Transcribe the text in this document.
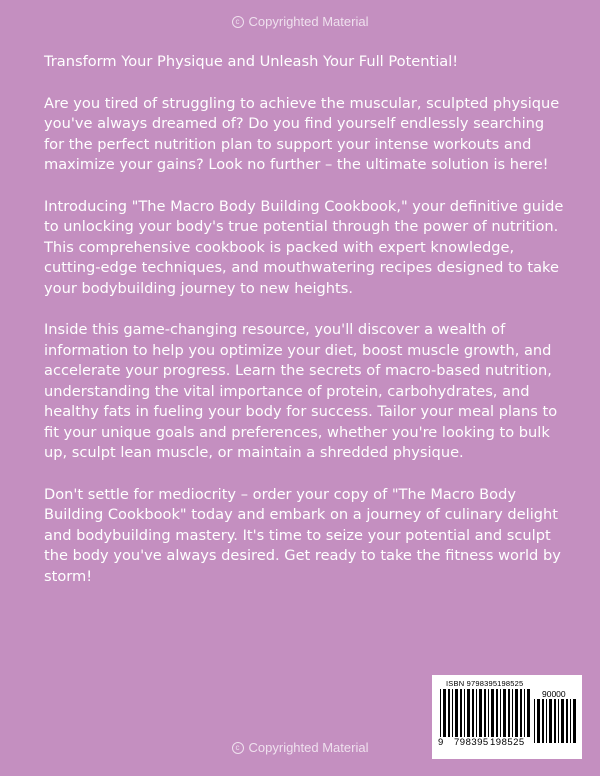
c Copyrighted Material

Transform Your Physique and Unleash Your Full Potential!

Are you tired of struggling to achieve the muscular, sculpted physique you've always dreamed of? Do you find yourself endlessly searching for the perfect nutrition plan to support your intense workouts and maximize your gains? Look no further – the ultimate solution is here!

Introducing "The Macro Body Building Cookbook," your definitive guide to unlocking your body's true potential through the power of nutrition. This comprehensive cookbook is packed with expert knowledge, cutting-edge techniques, and mouthwatering recipes designed to take your bodybuilding journey to new heights.

Inside this game-changing resource, you'll discover a wealth of information to help you optimize your diet, boost muscle growth, and accelerate your progress. Learn the secrets of macro-based nutrition, understanding the vital importance of protein, carbohydrates, and healthy fats in fueling your body for success. Tailor your meal plans to fit your unique goals and preferences, whether you're looking to bulk up, sculpt lean muscle, or maintain a shredded physique.

Don't settle for mediocrity – order your copy of "The Macro Body Building Cookbook" today and embark on a journey of culinary delight and bodybuilding mastery. It's time to seize your potential and sculpt the body you've always desired. Get ready to take the fitness world by storm!

ISBN 9798395198525
90000
9 798395 198525
c Copyrighted Material
